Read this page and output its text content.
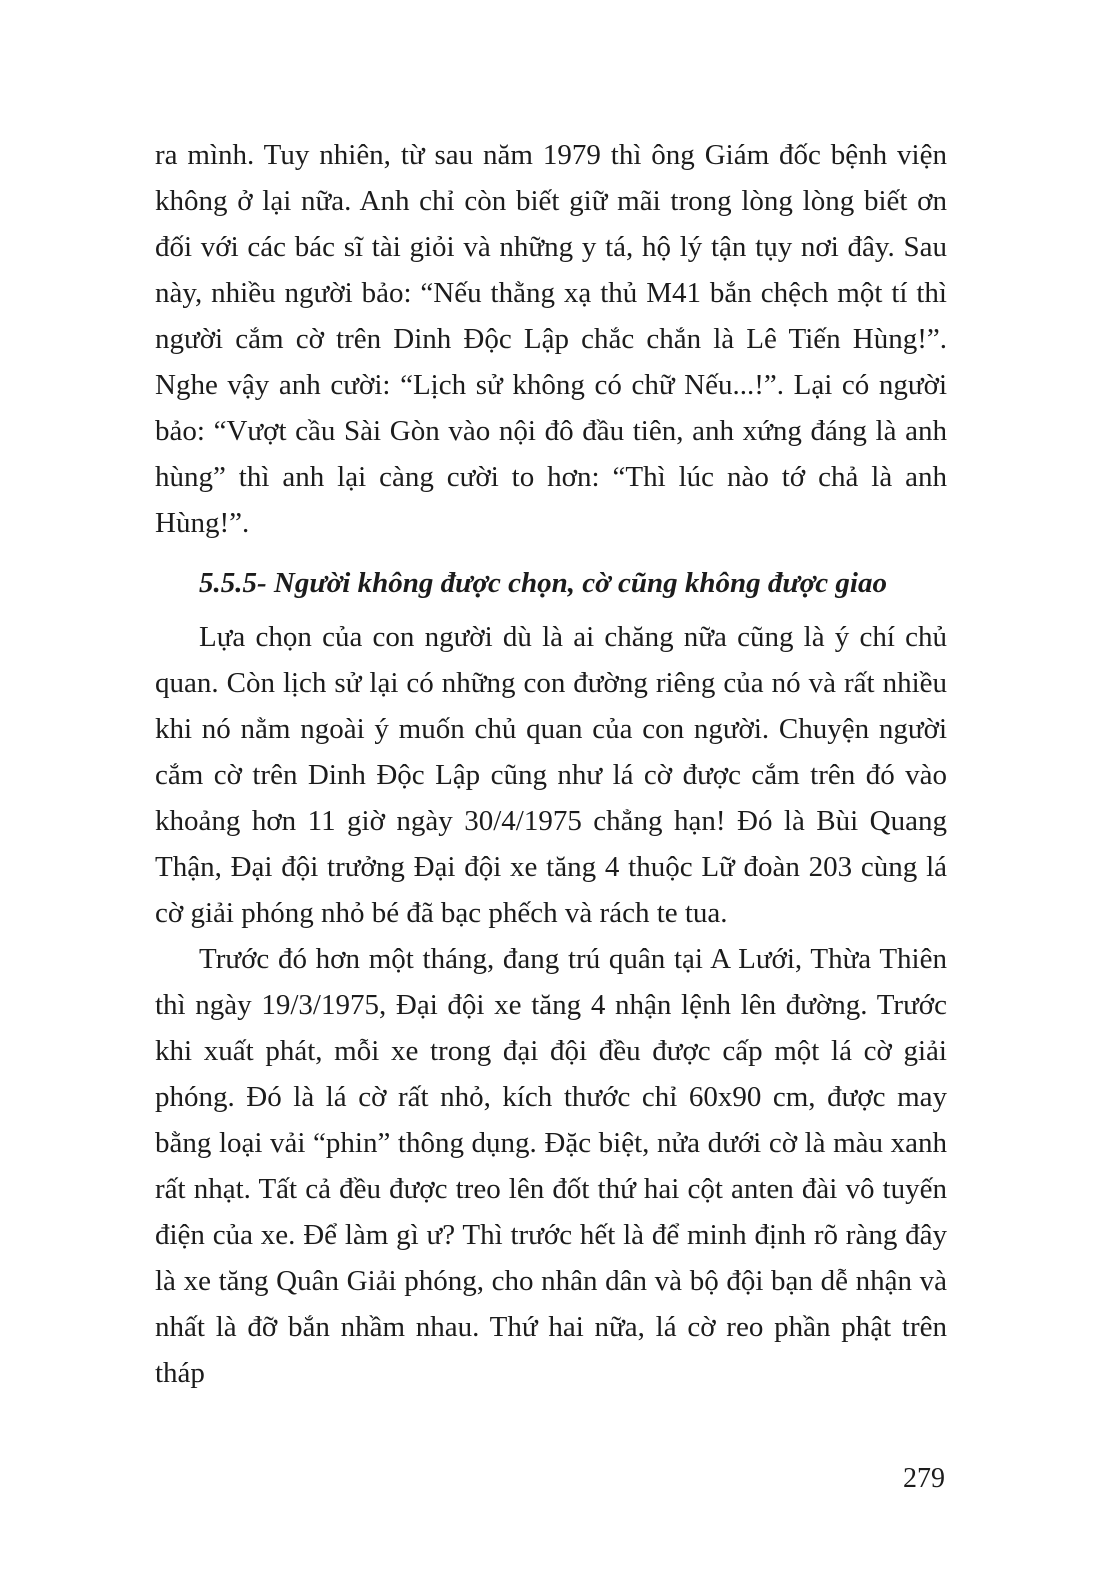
ra mình. Tuy nhiên, từ sau năm 1979 thì ông Giám đốc bệnh viện không ở lại nữa. Anh chỉ còn biết giữ mãi trong lòng lòng biết ơn đối với các bác sĩ tài giỏi và những y tá, hộ lý tận tụy nơi đây. Sau này, nhiều người bảo: “Nếu thằng xạ thủ M41 bắn chệch một tí thì người cắm cờ trên Dinh Độc Lập chắc chắn là Lê Tiến Hùng!”. Nghe vậy anh cười: “Lịch sử không có chữ Nếu...!”. Lại có người bảo: “Vượt cầu Sài Gòn vào nội đô đầu tiên, anh xứng đáng là anh hùng” thì anh lại càng cười to hơn: “Thì lúc nào tớ chả là anh Hùng!”.

5.5.5- Người không được chọn, cờ cũng không được giao

Lựa chọn của con người dù là ai chăng nữa cũng là ý chí chủ quan. Còn lịch sử lại có những con đường riêng của nó và rất nhiều khi nó nằm ngoài ý muốn chủ quan của con người. Chuyện người cắm cờ trên Dinh Độc Lập cũng như lá cờ được cắm trên đó vào khoảng hơn 11 giờ ngày 30/4/1975 chẳng hạn! Đó là Bùi Quang Thận, Đại đội trưởng Đại đội xe tăng 4 thuộc Lữ đoàn 203 cùng lá cờ giải phóng nhỏ bé đã bạc phếch và rách te tua.

Trước đó hơn một tháng, đang trú quân tại A Lưới, Thừa Thiên thì ngày 19/3/1975, Đại đội xe tăng 4 nhận lệnh lên đường. Trước khi xuất phát, mỗi xe trong đại đội đều được cấp một lá cờ giải phóng. Đó là lá cờ rất nhỏ, kích thước chỉ 60x90 cm, được may bằng loại vải “phin” thông dụng. Đặc biệt, nửa dưới cờ là màu xanh rất nhạt. Tất cả đều được treo lên đốt thứ hai cột anten đài vô tuyến điện của xe. Để làm gì ư? Thì trước hết là để minh định rõ ràng đây là xe tăng Quân Giải phóng, cho nhân dân và bộ đội bạn dễ nhận và nhất là đỡ bắn nhầm nhau. Thứ hai nữa, lá cờ reo phần phật trên tháp

279
